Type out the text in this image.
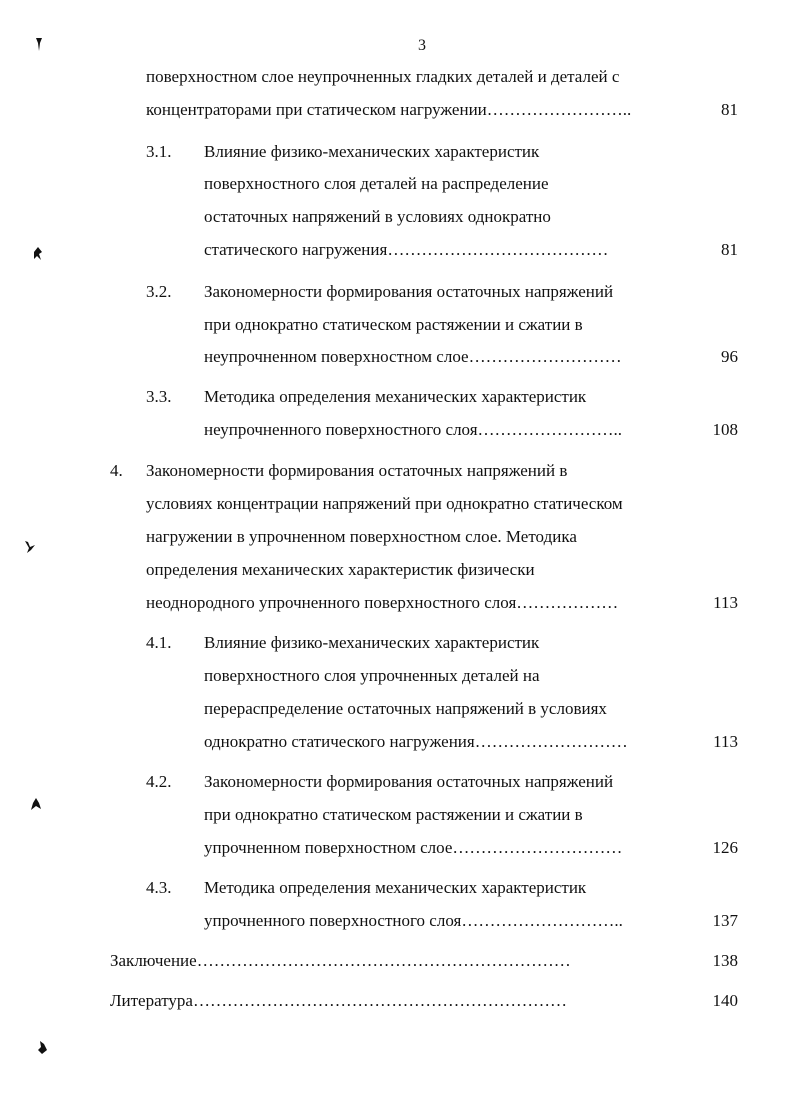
3
поверхностном слое неупрочненных гладких деталей и деталей с
концентраторами при статическом нагружении……………………..	81
3.1. Влияние физико-механических характеристик
поверхностного слоя деталей на распределение
остаточных напряжений в условиях однократно
статического нагружения…………………………………	81
3.2. Закономерности формирования остаточных напряжений
при однократно статическом растяжении и сжатии в
неупрочненном поверхностном слое………………………	96
3.3. Методика определения механических характеристик
неупрочненного поверхностного слоя……………………..	108
4. Закономерности формирования остаточных напряжений в
условиях концентрации напряжений при однократно статическом
нагружении в упрочненном поверхностном слое. Методика
определения механических характеристик физически
неоднородного упрочненного поверхностного слоя………………	113
4.1. Влияние физико-механических характеристик
поверхностного слоя упрочненных деталей на
перераспределение остаточных напряжений в условиях
однократно статического нагружения………………………	113
4.2. Закономерности формирования остаточных напряжений
при однократно статическом растяжении и сжатии в
упрочненном поверхностном слое…………………………	126
4.3. Методика определения механических характеристик
упрочненного поверхностного слоя………………………..	137
Заключение…………………………………………………………	138
Литература…………………………………………………………	140
